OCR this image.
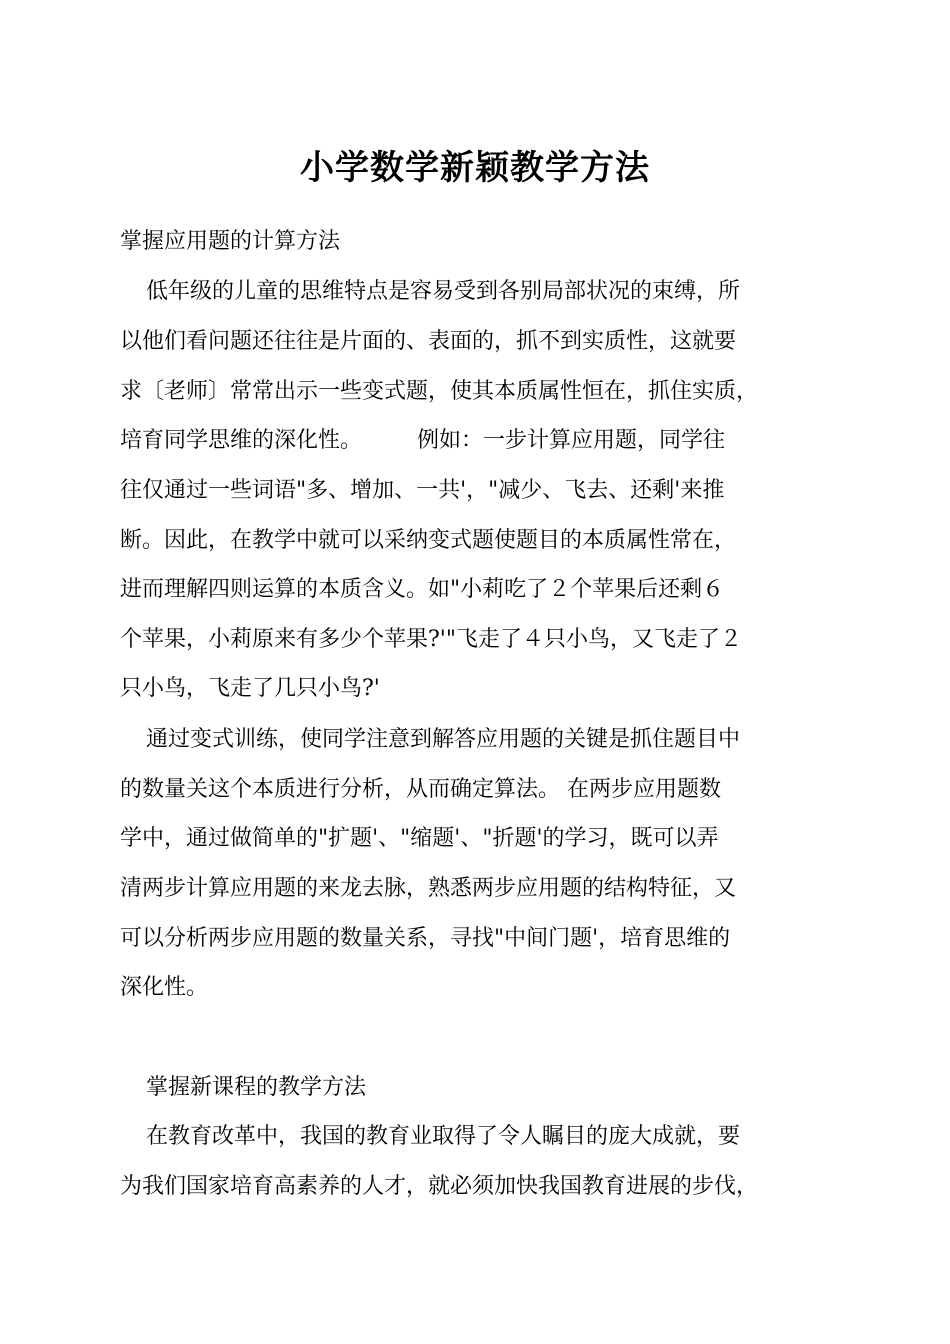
小学数学新颖教学方法
掌握应用题的计算方法
低年级的儿童的思维特点是容易受到各别局部状况的束缚，所
以他们看问题还往往是片面的、表面的，抓不到实质性，这就要
求〔老师〕常常出示一些变式题，使其本质属性恒在，抓住实质，
培育同学思维的深化性。　　　例如：一步计算应用题，同学往
往仅通过一些词语"多、增加、一共'，"减少、飞去、还剩'来推
断。因此，在教学中就可以采纳变式题使题目的本质属性常在，
进而理解四则运算的本质含义。如"小莉吃了２个苹果后还剩６
个苹果，小莉原来有多少个苹果?'"飞走了４只小鸟，又飞走了２
只小鸟，飞走了几只小鸟?'
通过变式训练，使同学注意到解答应用题的关键是抓住题目中
的数量关这个本质进行分析，从而确定算法。 在两步应用题数
学中，通过做简单的"扩题'、"缩题'、"折题'的学习，既可以弄
清两步计算应用题的来龙去脉，熟悉两步应用题的结构特征，又
可以分析两步应用题的数量关系，寻找"中间门题'，培育思维的
深化性。
掌握新课程的教学方法
在教育改革中，我国的教育业取得了令人瞩目的庞大成就，要
为我们国家培育高素养的人才，就必须加快我国教育进展的步伐，
